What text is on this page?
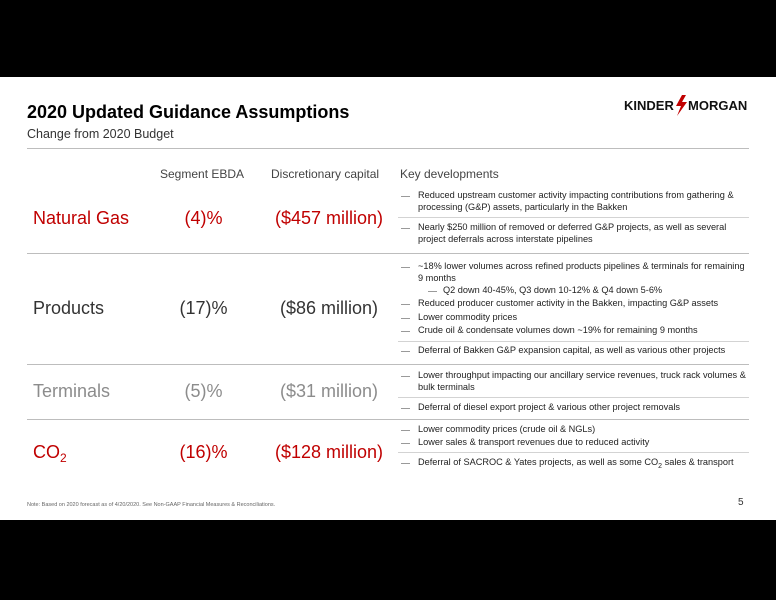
2020 Updated Guidance Assumptions
Change from 2020 Budget
KINDER MORGAN
Segment EBDA Discretionary capital Key developments
Natural Gas	(4)%	($457 million)
Reduced upstream customer activity impacting contributions from gathering & processing (G&P) assets, particularly in the Bakken
Nearly $250 million of removed or deferred G&P projects, as well as several project deferrals across interstate pipelines
Products	(17)%	($86 million)
~18% lower volumes across refined products pipelines & terminals for remaining 9 months
Q2 down 40-45%, Q3 down 10-12% & Q4 down 5-6%
Reduced producer customer activity in the Bakken, impacting G&P assets
Lower commodity prices
Crude oil & condensate volumes down ~19% for remaining 9 months
Deferral of Bakken G&P expansion capital, as well as various other projects
Terminals	(5)%	($31 million)
Lower throughput impacting our ancillary service revenues, truck rack volumes & bulk terminals
Deferral of diesel export project & various other project removals
$CO_2$	(16)%	($128 million)
Lower commodity prices (crude oil & NGLs)
Lower sales & transport revenues due to reduced activity
Deferral of SACROC & Yates projects, as well as some $CO_2$ sales & transport
Note: Based on 2020 forecast as of 4/20/2020. See Non-GAAP Financial Measures & Reconciliations.	5
